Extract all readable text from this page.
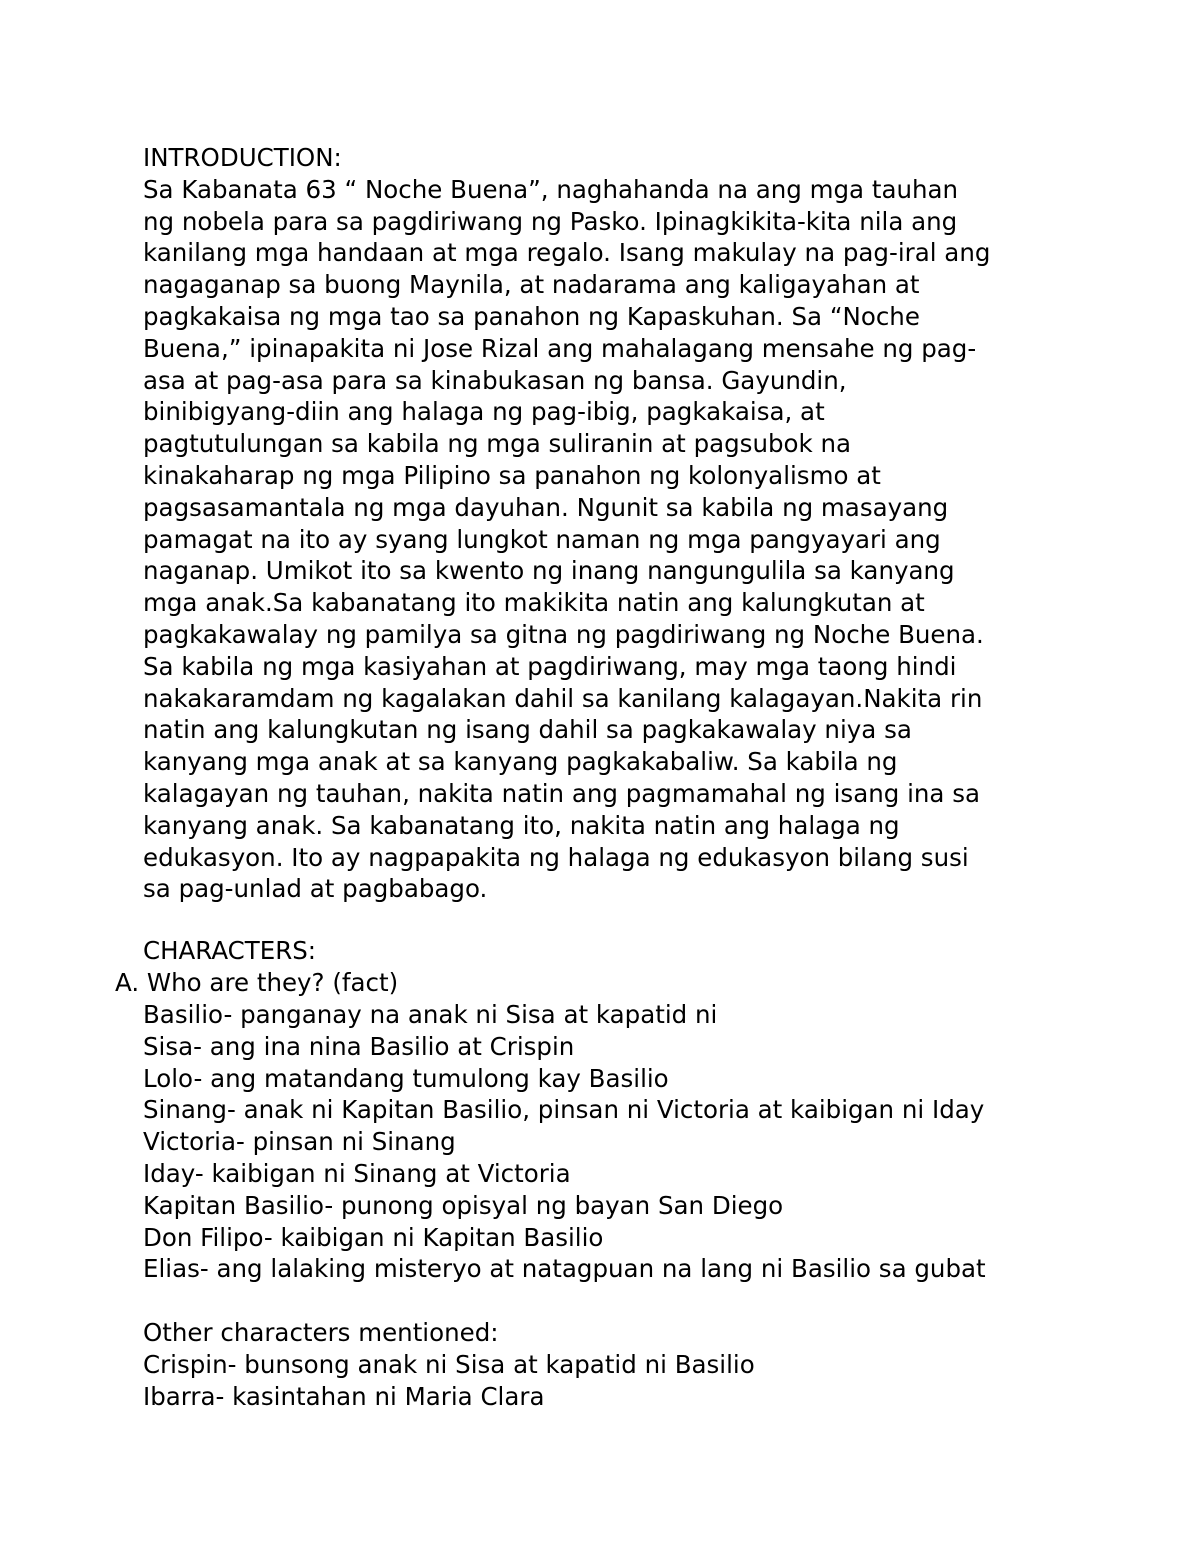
INTRODUCTION:
Sa Kabanata 63 “ Noche Buena”, naghahanda na ang mga tauhan
ng nobela para sa pagdiriwang ng Pasko. Ipinagkikita-kita nila ang
kanilang mga handaan at mga regalo. Isang makulay na pag-iral ang
nagaganap sa buong Maynila, at nadarama ang kaligayahan at
pagkakaisa ng mga tao sa panahon ng Kapaskuhan. Sa “Noche
Buena,” ipinapakita ni Jose Rizal ang mahalagang mensahe ng pag-
asa at pag-asa para sa kinabukasan ng bansa. Gayundin,
binibigyang-diin ang halaga ng pag-ibig, pagkakaisa, at
pagtutulungan sa kabila ng mga suliranin at pagsubok na
kinakaharap ng mga Pilipino sa panahon ng kolonyalismo at
pagsasamantala ng mga dayuhan. Ngunit sa kabila ng masayang
pamagat na ito ay syang lungkot naman ng mga pangyayari ang
naganap. Umikot ito sa kwento ng inang nangungulila sa kanyang
mga anak.Sa kabanatang ito makikita natin ang kalungkutan at
pagkakawalay ng pamilya sa gitna ng pagdiriwang ng Noche Buena.
Sa kabila ng mga kasiyahan at pagdiriwang, may mga taong hindi
nakakaramdam ng kagalakan dahil sa kanilang kalagayan.Nakita rin
natin ang kalungkutan ng isang dahil sa pagkakawalay niya sa
kanyang mga anak at sa kanyang pagkakabaliw. Sa kabila ng
kalagayan ng tauhan, nakita natin ang pagmamahal ng isang ina sa
kanyang anak. Sa kabanatang ito, nakita natin ang halaga ng
edukasyon. Ito ay nagpapakita ng halaga ng edukasyon bilang susi
sa pag-unlad at pagbabago.
CHARACTERS:
A. Who are they? (fact)
Basilio- panganay na anak ni Sisa at kapatid ni
Sisa- ang ina nina Basilio at Crispin
Lolo- ang matandang tumulong kay Basilio
Sinang- anak ni Kapitan Basilio, pinsan ni Victoria at kaibigan ni Iday
Victoria- pinsan ni Sinang
Iday- kaibigan ni Sinang at Victoria
Kapitan Basilio- punong opisyal ng bayan San Diego
Don Filipo- kaibigan ni Kapitan Basilio
Elias- ang lalaking misteryo at natagpuan na lang ni Basilio sa gubat
Other characters mentioned:
Crispin- bunsong anak ni Sisa at kapatid ni Basilio
Ibarra- kasintahan ni Maria Clara
